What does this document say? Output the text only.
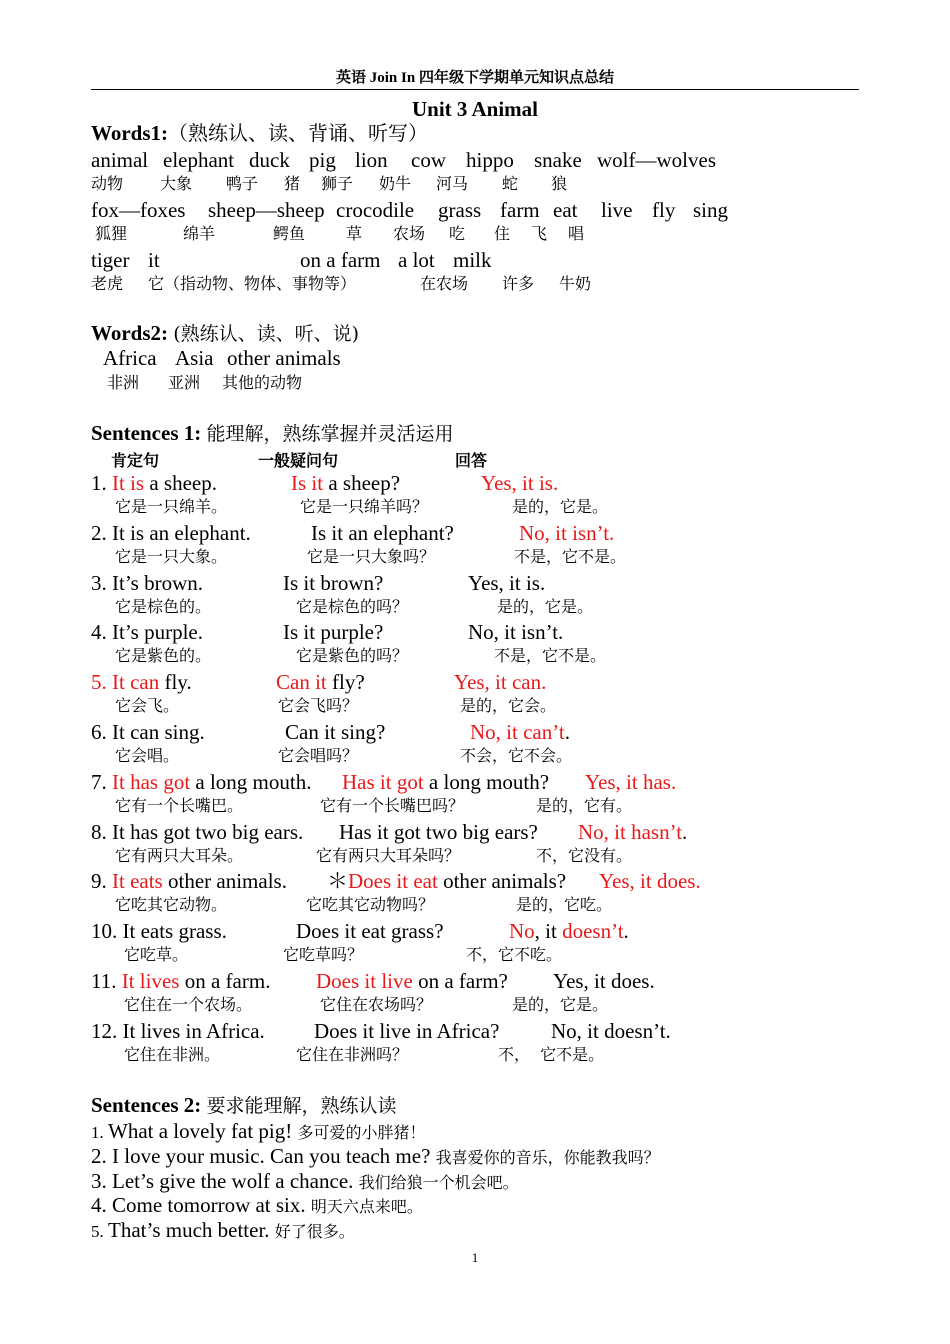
英语 Join In 四年级下学期单元知识点总结
Unit 3 Animal
Words1:（熟练认、读、背诵、听写）
animal elephant duck pig lion cow hippo snake wolf—wolves
动物 大象 鸭子 猪 狮子 奶牛 河马 蛇 狼
fox—foxes sheep—sheep crocodile grass farm eat live fly sing
狐狸	绵羊	鳄鱼	草 农场 吃 住 飞 唱
tiger it	on a farm a lot milk
老虎 它（指动物、物体、事物等）	在农场 许多 牛奶
Words2: (熟练认、读、听、说)
Africa Asia other animals
非洲 亚洲 其他的动物
Sentences 1: 能理解，熟练掌握并灵活运用
肯定句	一般疑问句	回答
1. It is a sheep.	Is it a sheep?	Yes, it is.
它是一只绵羊。	它是一只绵羊吗？	是的，它是。
2. It is an elephant.	Is it an elephant?	No, it isn’t.
它是一只大象。	它是一只大象吗？	不是，它不是。
3. It’s brown.	Is it brown?	Yes, it is.
它是棕色的。	它是棕色的吗？	是的，它是。
4. It’s purple.	Is it purple?	No, it isn’t.
它是紫色的。	它是紫色的吗？	不是，它不是。
5. It can fly.	Can it fly?	Yes, it can.
它会飞。	它会飞吗？	是的，它会。
6. It can sing.	Can it sing?	No, it can’t.
它会唱。	它会唱吗？	不会，它不会。
7. It has got a long mouth. Has it got a long mouth? Yes, it has.
它有一个长嘴巴。	它有一个长嘴巴吗？	是的，它有。
8. It has got two big ears. Has it got two big ears? No, it hasn’t.
它有两只大耳朵。	它有两只大耳朵吗？	不，它没有。
9. It eats other animals. ＊Does it eat other animals? Yes, it does.
它吃其它动物。	它吃其它动物吗？	是的，它吃。
10. It eats grass.	Does it eat grass?	No, it doesn’t.
它吃草。	它吃草吗？	不，它不吃。
11. It lives on a farm. Does it live on a farm? Yes, it does.
它住在一个农场。	它住在农场吗？	是的，它是。
12. It lives in Africa. Does it live in Africa? No, it doesn’t.
它住在非洲。	它住在非洲吗？	不，  它不是。
Sentences 2: 要求能理解，熟练认读
1. What a lovely fat pig! 多可爱的小胖猪！
2. I love your music. Can you teach me? 我喜爱你的音乐，你能教我吗？
3. Let’s give the wolf a chance. 我们给狼一个机会吧。
4. Come tomorrow at six. 明天六点来吧。
5. That’s much better. 好了很多。
1
